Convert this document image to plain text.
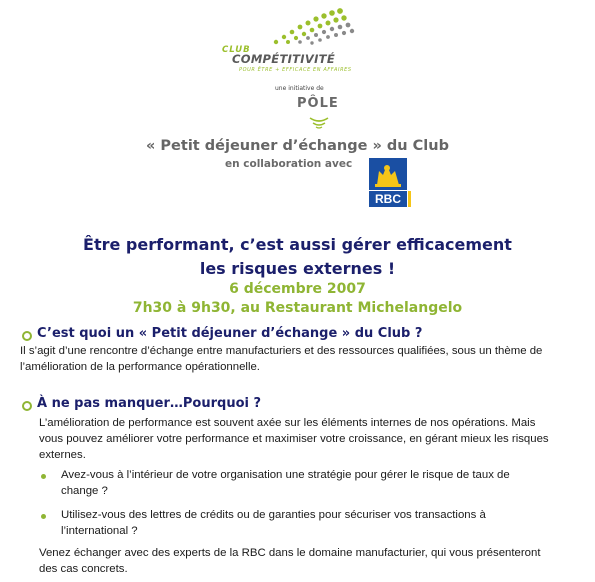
CLUB
COMPÉTITIVITÉ
POUR ÊTRE + EFFICACE EN AFFAIRES
une initiative de
PÔLE
« Petit déjeuner d’échange » du Club
en collaboration avec
RBC
Être performant, c’est aussi gérer efficacement
les risques externes !
6 décembre 2007
7h30 à 9h30, au Restaurant Michelangelo
C’est quoi un « Petit déjeuner d’échange » du Club ?
Il s’agit d’une rencontre d’échange entre manufacturiers et des ressources qualifiées, sous un thème de
l’amélioration de la performance opérationnelle.
À ne pas manquer…Pourquoi ?
L’amélioration de performance est souvent axée sur les éléments internes de nos opérations. Mais
vous pouvez améliorer votre performance et maximiser votre croissance, en gérant mieux les risques
externes.
Avez-vous à l’intérieur de votre organisation une stratégie pour gérer le risque de taux de
change ?
Utilisez-vous des lettres de crédits ou de garanties pour sécuriser vos transactions à
l’international ?
Venez échanger avec des experts de la RBC dans le domaine manufacturier, qui vous présenteront
des cas concrets.
